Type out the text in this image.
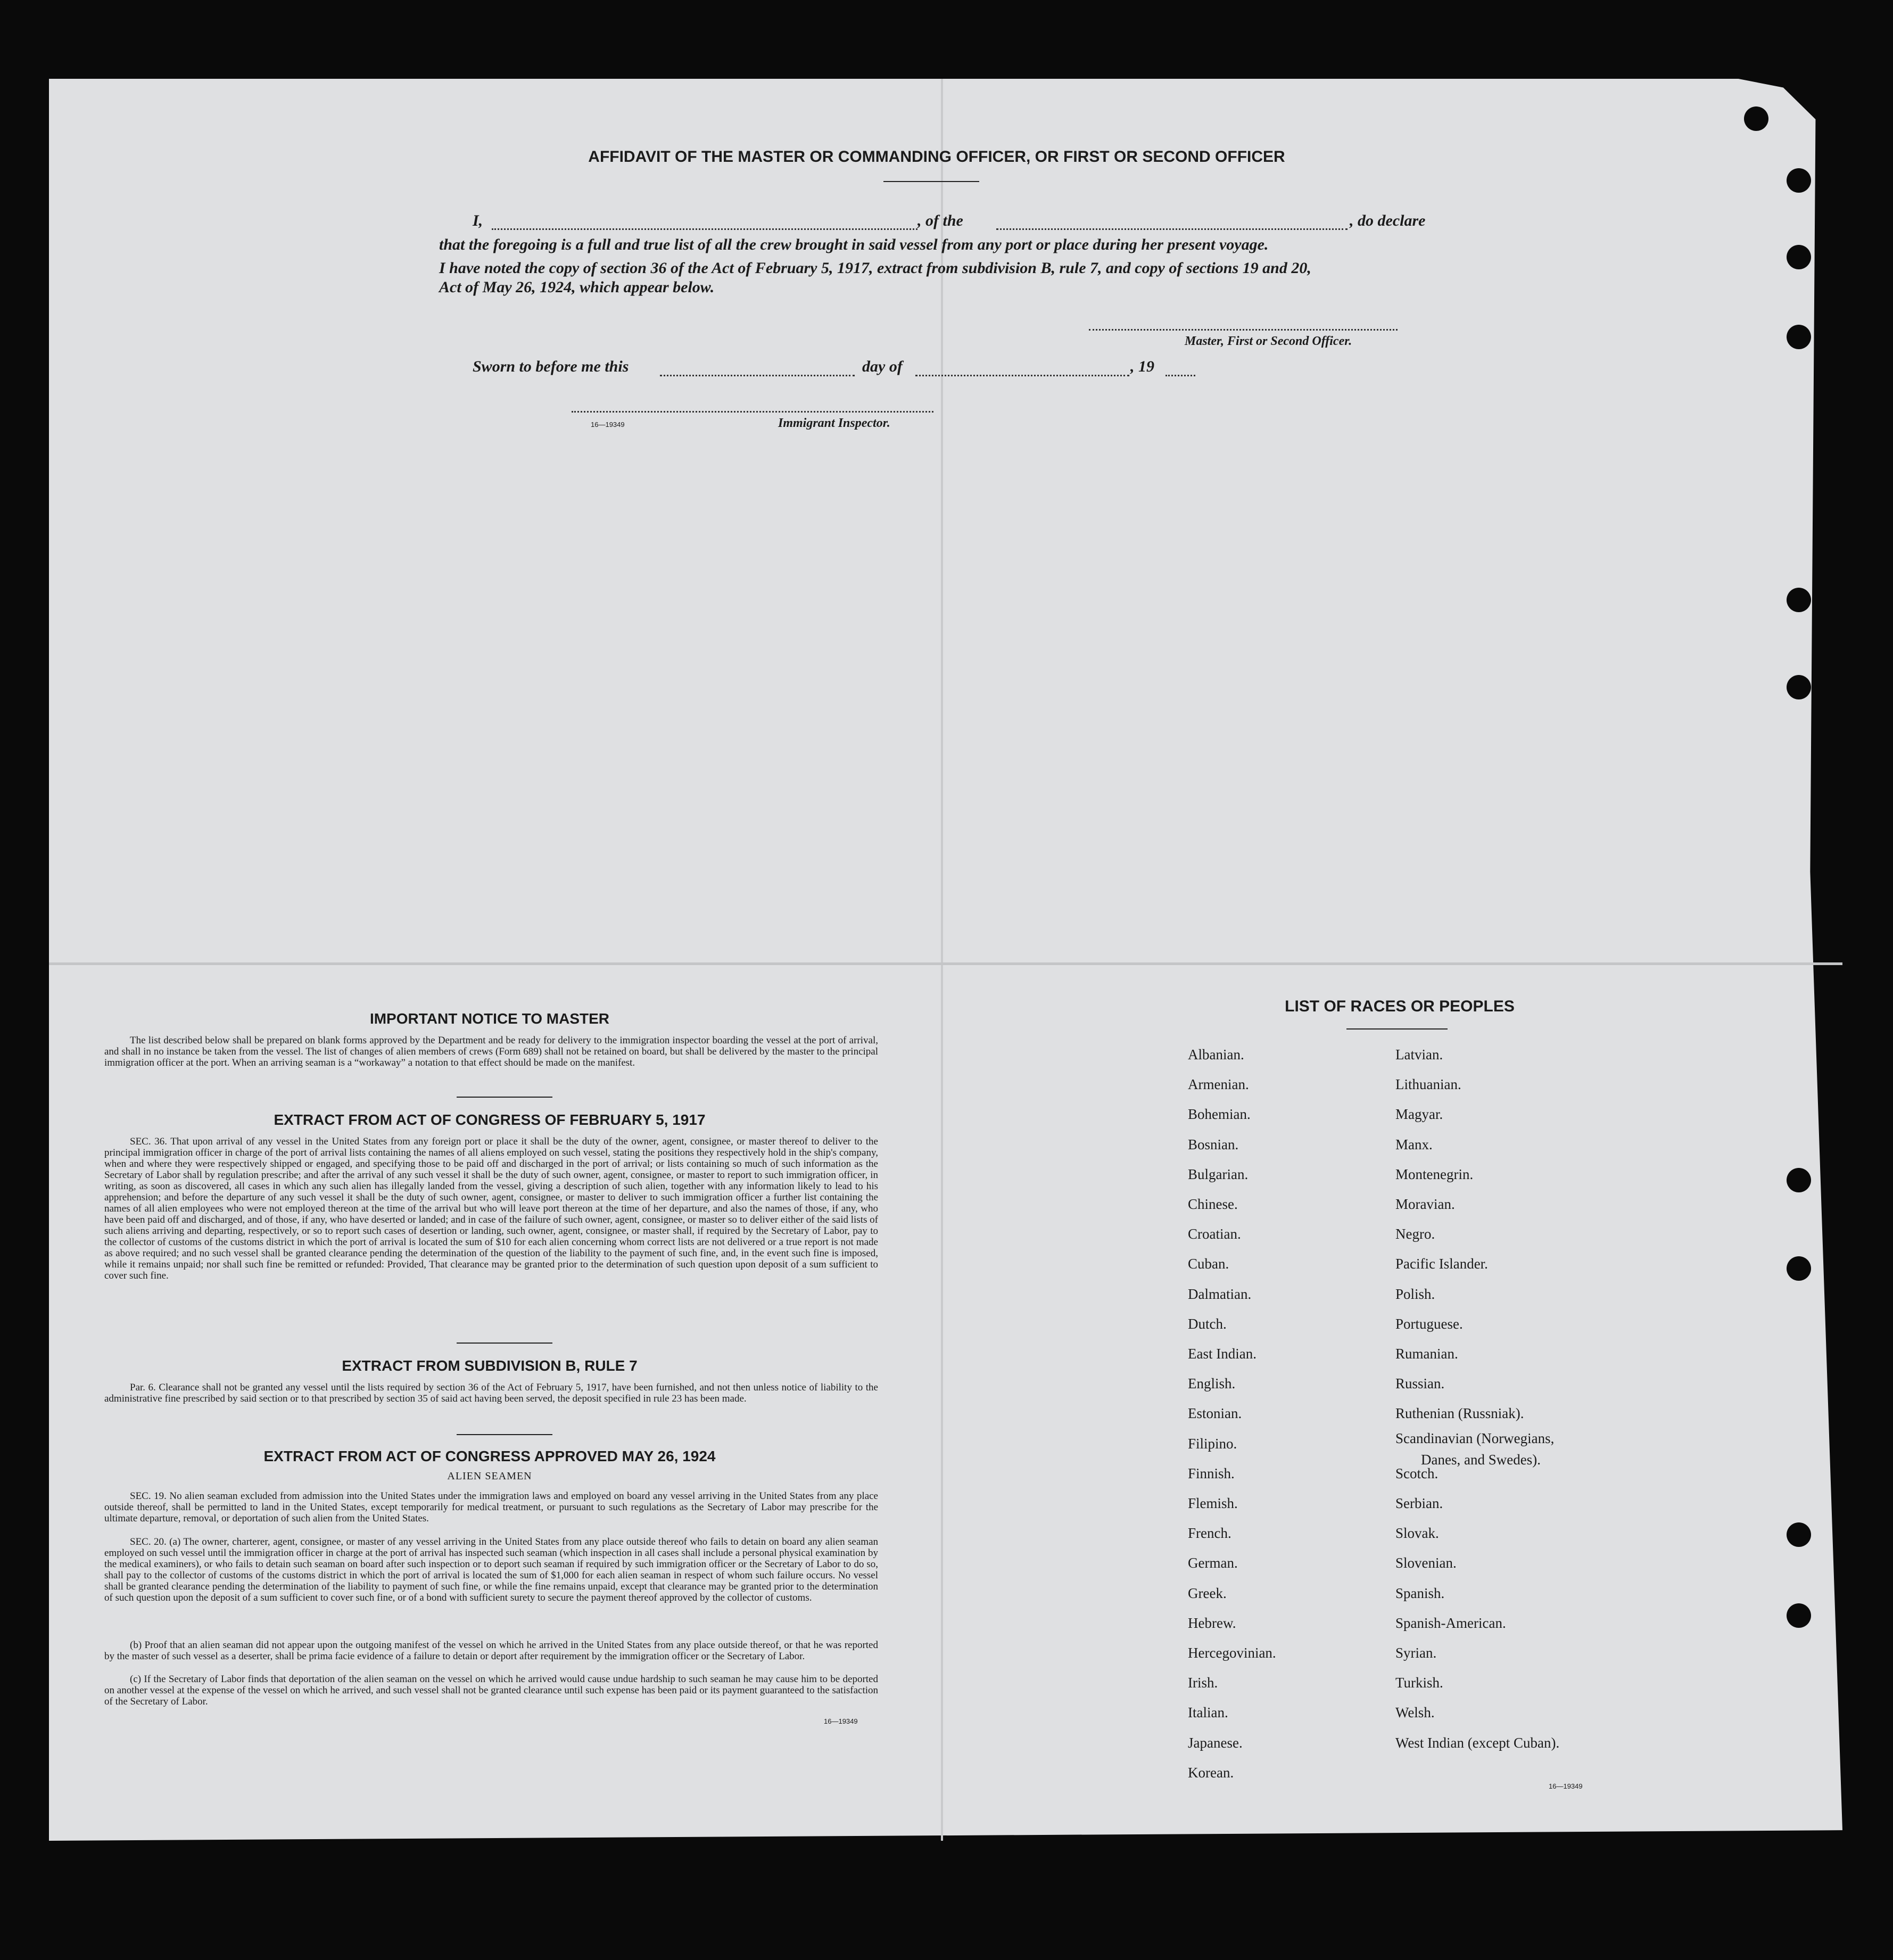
AFFIDAVIT OF THE MASTER OR COMMANDING OFFICER, OR FIRST OR SECOND OFFICER
I,	, of the	, do declare
that the foregoing is a full and true list of all the crew brought in said vessel from any port or place during her present voyage.
I have noted the copy of section 36 of the Act of February 5, 1917, extract from subdivision B, rule 7, and copy of sections 19 and 20,
Act of May 26, 1924, which appear below.
Master, First or Second Officer.
Sworn to before me this	day of	, 19
16—19349	Immigrant Inspector.
IMPORTANT NOTICE TO MASTER
The list described below shall be prepared on blank forms approved by the Department and be ready for delivery to the immigration inspector boarding the vessel at the port of arrival, and shall in no instance be taken from the vessel. The list of changes of alien members of crews (Form 689) shall not be retained on board, but shall be delivered by the master to the principal immigration officer at the port. When an arriving seaman is a “workaway” a notation to that effect should be made on the manifest.
EXTRACT FROM ACT OF CONGRESS OF FEBRUARY 5, 1917
SEC. 36. That upon arrival of any vessel in the United States from any foreign port or place it shall be the duty of the owner, agent, consignee, or master thereof to deliver to the principal immigration officer in charge of the port of arrival lists containing the names of all aliens employed on such vessel, stating the positions they respectively hold in the ship's company, when and where they were respectively shipped or engaged, and specifying those to be paid off and discharged in the port of arrival; or lists containing so much of such information as the Secretary of Labor shall by regulation prescribe; and after the arrival of any such vessel it shall be the duty of such owner, agent, consignee, or master to report to such immigration officer, in writing, as soon as discovered, all cases in which any such alien has illegally landed from the vessel, giving a description of such alien, together with any information likely to lead to his apprehension; and before the departure of any such vessel it shall be the duty of such owner, agent, consignee, or master to deliver to such immigration officer a further list containing the names of all alien employees who were not employed thereon at the time of the arrival but who will leave port thereon at the time of her departure, and also the names of those, if any, who have been paid off and discharged, and of those, if any, who have deserted or landed; and in case of the failure of such owner, agent, consignee, or master so to deliver either of the said lists of such aliens arriving and departing, respectively, or so to report such cases of desertion or landing, such owner, agent, consignee, or master shall, if required by the Secretary of Labor, pay to the collector of customs of the customs district in which the port of arrival is located the sum of $10 for each alien concerning whom correct lists are not delivered or a true report is not made as above required; and no such vessel shall be granted clearance pending the determination of the question of the liability to the payment of such fine, and, in the event such fine is imposed, while it remains unpaid; nor shall such fine be remitted or refunded: Provided, That clearance may be granted prior to the determination of such question upon deposit of a sum sufficient to cover such fine.
EXTRACT FROM SUBDIVISION B, RULE 7
Par. 6. Clearance shall not be granted any vessel until the lists required by section 36 of the Act of February 5, 1917, have been furnished, and not then unless notice of liability to the administrative fine prescribed by said section or to that prescribed by section 35 of said act having been served, the deposit specified in rule 23 has been made.
EXTRACT FROM ACT OF CONGRESS APPROVED MAY 26, 1924
ALIEN SEAMEN
SEC. 19. No alien seaman excluded from admission into the United States under the immigration laws and employed on board any vessel arriving in the United States from any place outside thereof, shall be permitted to land in the United States, except temporarily for medical treatment, or pursuant to such regulations as the Secretary of Labor may prescribe for the ultimate departure, removal, or deportation of such alien from the United States.
SEC. 20. (a) The owner, charterer, agent, consignee, or master of any vessel arriving in the United States from any place outside thereof who fails to detain on board any alien seaman employed on such vessel until the immigration officer in charge at the port of arrival has inspected such seaman (which inspection in all cases shall include a personal physical examination by the medical examiners), or who fails to detain such seaman on board after such inspection or to deport such seaman if required by such immigration officer or the Secretary of Labor to do so, shall pay to the collector of customs of the customs district in which the port of arrival is located the sum of $1,000 for each alien seaman in respect of whom such failure occurs. No vessel shall be granted clearance pending the determination of the liability to payment of such fine, or while the fine remains unpaid, except that clearance may be granted prior to the determination of such question upon the deposit of a sum sufficient to cover such fine, or of a bond with sufficient surety to secure the payment thereof approved by the collector of customs.
(b) Proof that an alien seaman did not appear upon the outgoing manifest of the vessel on which he arrived in the United States from any place outside thereof, or that he was reported by the master of such vessel as a deserter, shall be prima facie evidence of a failure to detain or deport after requirement by the immigration officer or the Secretary of Labor.
(c) If the Secretary of Labor finds that deportation of the alien seaman on the vessel on which he arrived would cause undue hardship to such seaman he may cause him to be deported on another vessel at the expense of the vessel on which he arrived, and such vessel shall not be granted clearance until such expense has been paid or its payment guaranteed to the satisfaction of the Secretary of Labor.
16—19349
LIST OF RACES OR PEOPLES
Albanian.
Armenian.
Bohemian.
Bosnian.
Bulgarian.
Chinese.
Croatian.
Cuban.
Dalmatian.
Dutch.
East Indian.
English.
Estonian.
Filipino.
Finnish.
Flemish.
French.
German.
Greek.
Hebrew.
Hercegovinian.
Irish.
Italian.
Japanese.
Korean.
Latvian.
Lithuanian.
Magyar.
Manx.
Montenegrin.
Moravian.
Negro.
Pacific Islander.
Polish.
Portuguese.
Rumanian.
Russian.
Ruthenian (Russniak).
Scandinavian (Norwegians,
Danes, and Swedes).
Scotch.
Serbian.
Slovak.
Slovenian.
Spanish.
Spanish-American.
Syrian.
Turkish.
Welsh.
West Indian (except Cuban).
16—19349
